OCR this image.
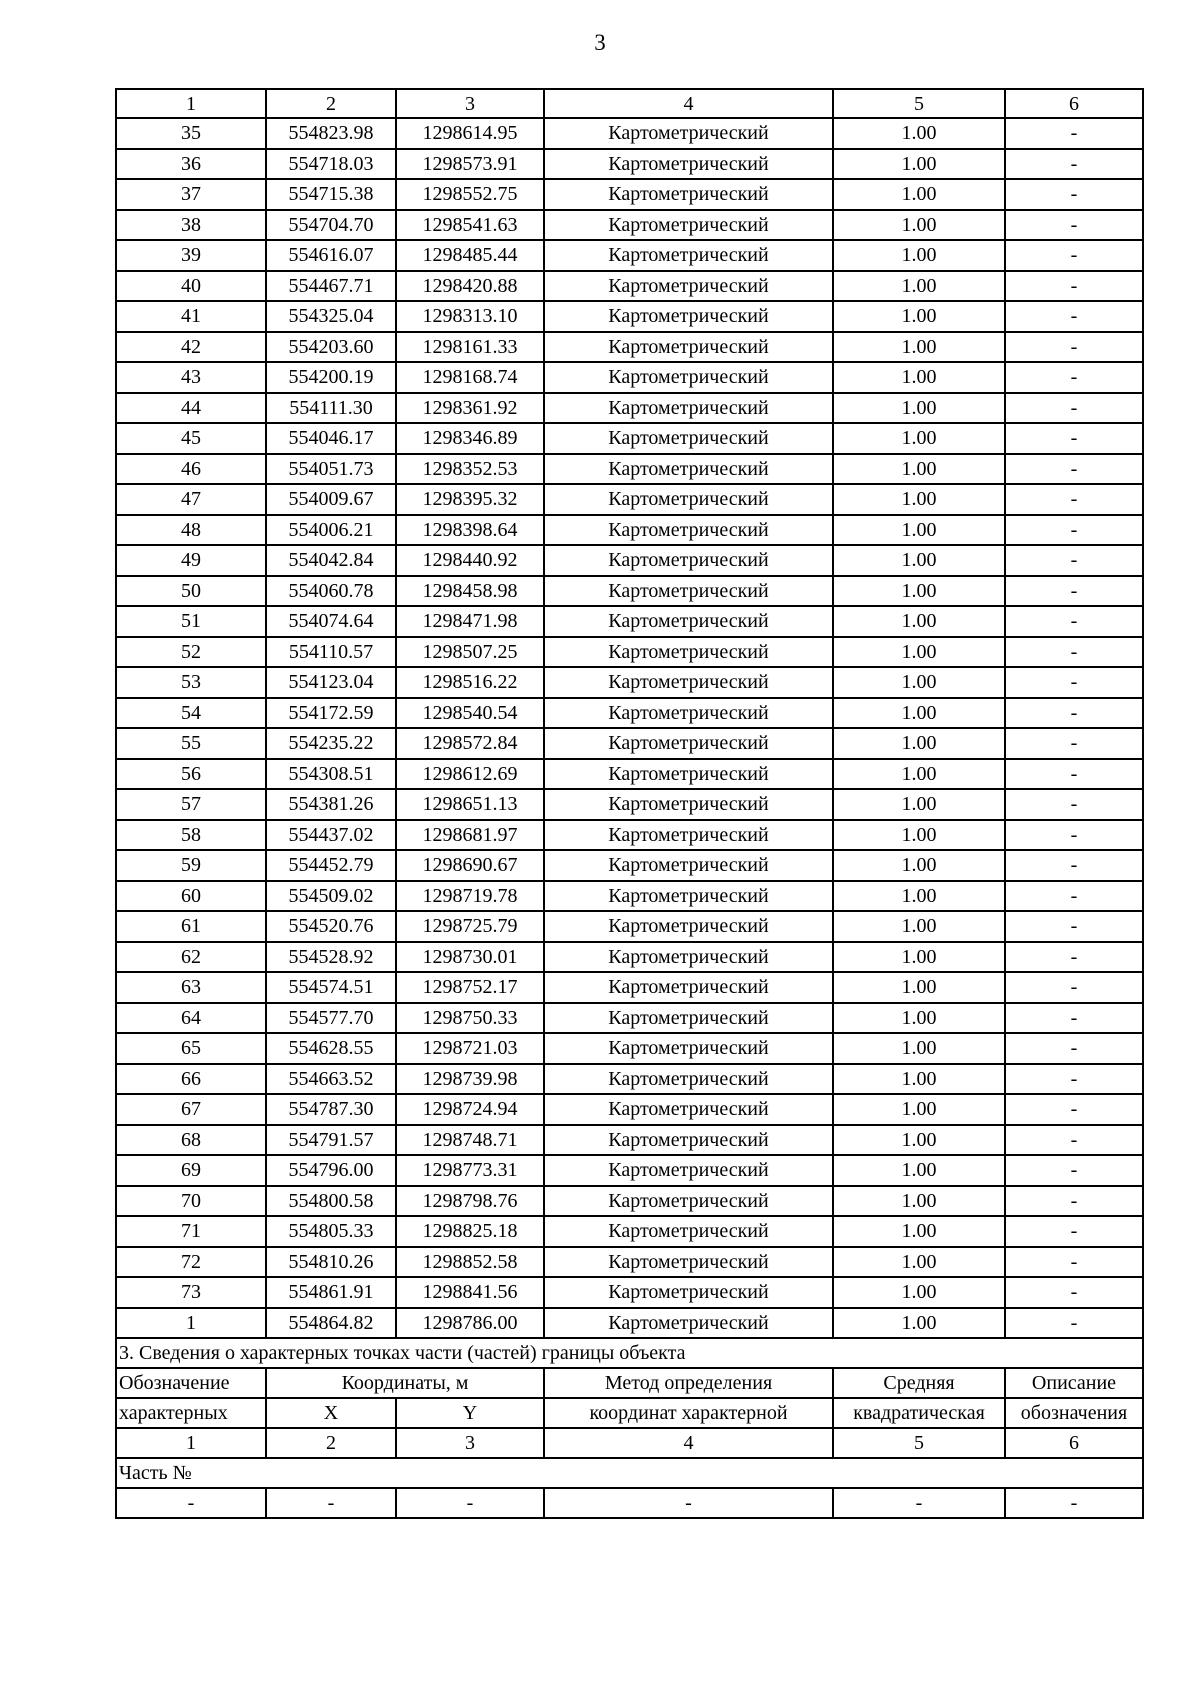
3
1	2	3	4	5	6
35	554823.98	1298614.95	Картометрический	1.00	-
36	554718.03	1298573.91	Картометрический	1.00	-
37	554715.38	1298552.75	Картометрический	1.00	-
38	554704.70	1298541.63	Картометрический	1.00	-
39	554616.07	1298485.44	Картометрический	1.00	-
40	554467.71	1298420.88	Картометрический	1.00	-
41	554325.04	1298313.10	Картометрический	1.00	-
42	554203.60	1298161.33	Картометрический	1.00	-
43	554200.19	1298168.74	Картометрический	1.00	-
44	554111.30	1298361.92	Картометрический	1.00	-
45	554046.17	1298346.89	Картометрический	1.00	-
46	554051.73	1298352.53	Картометрический	1.00	-
47	554009.67	1298395.32	Картометрический	1.00	-
48	554006.21	1298398.64	Картометрический	1.00	-
49	554042.84	1298440.92	Картометрический	1.00	-
50	554060.78	1298458.98	Картометрический	1.00	-
51	554074.64	1298471.98	Картометрический	1.00	-
52	554110.57	1298507.25	Картометрический	1.00	-
53	554123.04	1298516.22	Картометрический	1.00	-
54	554172.59	1298540.54	Картометрический	1.00	-
55	554235.22	1298572.84	Картометрический	1.00	-
56	554308.51	1298612.69	Картометрический	1.00	-
57	554381.26	1298651.13	Картометрический	1.00	-
58	554437.02	1298681.97	Картометрический	1.00	-
59	554452.79	1298690.67	Картометрический	1.00	-
60	554509.02	1298719.78	Картометрический	1.00	-
61	554520.76	1298725.79	Картометрический	1.00	-
62	554528.92	1298730.01	Картометрический	1.00	-
63	554574.51	1298752.17	Картометрический	1.00	-
64	554577.70	1298750.33	Картометрический	1.00	-
65	554628.55	1298721.03	Картометрический	1.00	-
66	554663.52	1298739.98	Картометрический	1.00	-
67	554787.30	1298724.94	Картометрический	1.00	-
68	554791.57	1298748.71	Картометрический	1.00	-
69	554796.00	1298773.31	Картометрический	1.00	-
70	554800.58	1298798.76	Картометрический	1.00	-
71	554805.33	1298825.18	Картометрический	1.00	-
72	554810.26	1298852.58	Картометрический	1.00	-
73	554861.91	1298841.56	Картометрический	1.00	-
1	554864.82	1298786.00	Картометрический	1.00	-
3. Сведения о характерных точках части (частей) границы объекта					
Обозначение	Координаты, м		Метод определения	Средняя	Описание
характерных	X	Y	координат характерной	квадратическая	обозначения
1	2	3	4	5	6
Часть №					
-	-	-	-	-	-
